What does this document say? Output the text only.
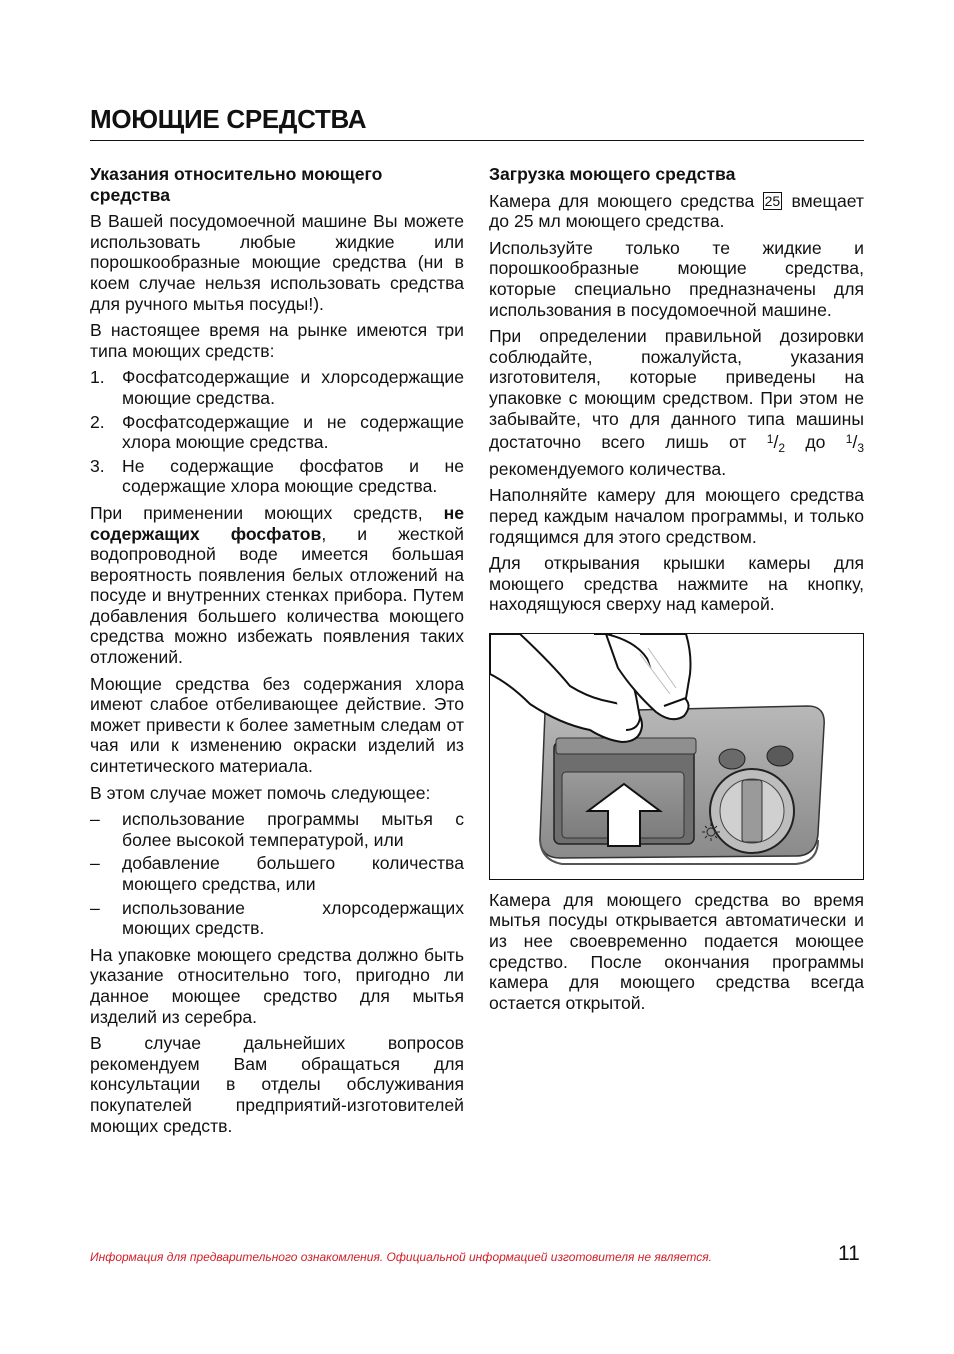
МОЮЩИЕ СРЕДСТВА
Указания относительно моющего средства

В Вашей посудомоечной машине Вы можете использовать любые жидкие или порошкообразные моющие средства (ни в коем случае нельзя использовать средства для ручного мытья посуды!).

В настоящее время на рынке имеются три типа моющих средств:

1. Фосфатсодержащие и хлорсодержащие моющие средства.
2. Фосфатсодержащие и не содержащие хлора моющие средства.
3. Не содержащие фосфатов и не содержащие хлора моющие средства.

При применении моющих средств, не содержащих фосфатов, и жесткой водопроводной воде имеется большая вероятность появления белых отложений на посуде и внутренних стенках прибора. Путем добавления большего количества моющего средства можно избежать появления таких отложений.

Моющие средства без содержания хлора имеют слабое отбеливающее действие. Это может привести к более заметным следам от чая или к изменению окраски изделий из синтетического материала.

В этом случае может помочь следующее:

– использование программы мытья с более высокой температурой, или
– добавление большего количества моющего средства, или
– использование хлорсодержащих моющих средств.

На упаковке моющего средства должно быть указание относительно того, пригодно ли данное моющее средство для мытья изделий из серебра.

В случае дальнейших вопросов рекомендуем Вам обращаться для консультации в отделы обслуживания покупателей предприятий-изготовителей моющих средств.

Загрузка моющего средства

Камера для моющего средства 25 вмещает до 25 мл моющего средства.

Используйте только те жидкие и порошкообразные моющие средства, которые специально предназначены для использования в посудомоечной машине.

При определении правильной дозировки соблюдайте, пожалуйста, указания изготовителя, которые приведены на упаковке с моющим средством. При этом не забывайте, что для данного типа машины достаточно всего лишь от $^1/_2$ до $^1/_3$ рекомендуемого количества.

Наполняйте камеру для моющего средства перед каждым началом программы, и только годящимся для этого средством.

Для открывания крышки камеры для моющего средства нажмите на кнопку, находящуюся сверху над камерой.

Камера для моющего средства во время мытья посуды открывается автоматически и из нее своевременно подается моющее средство. После окончания программы камера для моющего средства всегда остается открытой.

Информация для предварительного ознакомления. Официальной информацией изготовителя не является.	11
